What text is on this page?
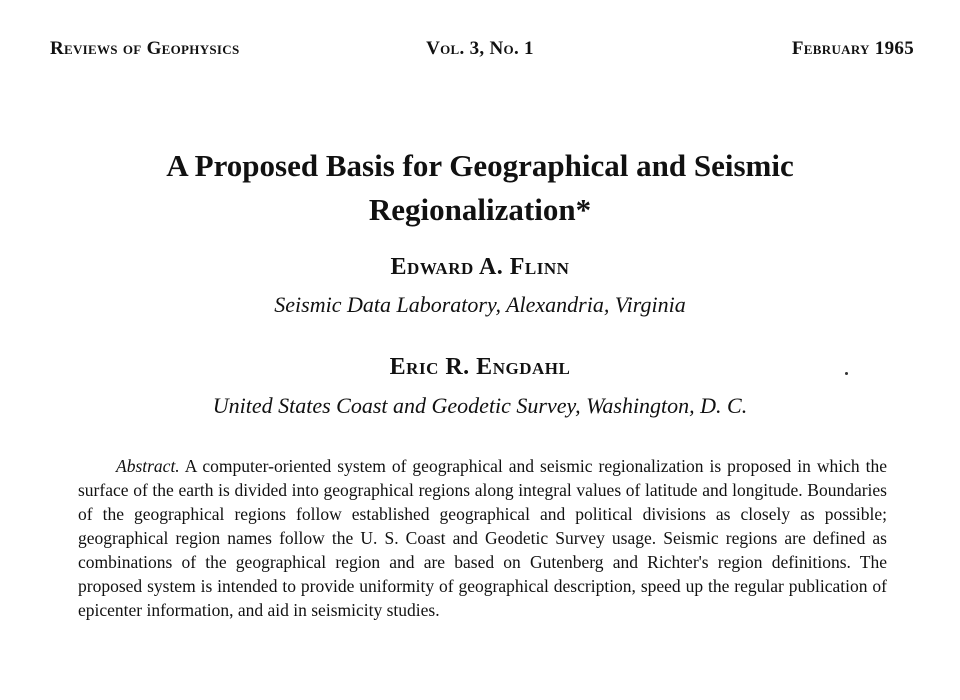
Reviews of Geophysics	Vol. 3, No. 1	February 1965
A Proposed Basis for Geographical and Seismic
Regionalization*
Edward A. Flinn
Seismic Data Laboratory, Alexandria, Virginia
Eric R. Engdahl
United States Coast and Geodetic Survey, Washington, D. C.

Abstract. A computer-oriented system of geographical and seismic regionalization is proposed in which the surface of the earth is divided into geographical regions along integral values of latitude and longitude. Boundaries of the geographical regions follow established geographical and political divisions as closely as possible; geographical region names follow the U. S. Coast and Geodetic Survey usage. Seismic regions are defined as combinations of the geographical region and are based on Gutenberg and Richter's region definitions. The proposed system is intended to provide uniformity of geographical description, speed up the regular publication of epicenter information, and aid in seismicity studies.
